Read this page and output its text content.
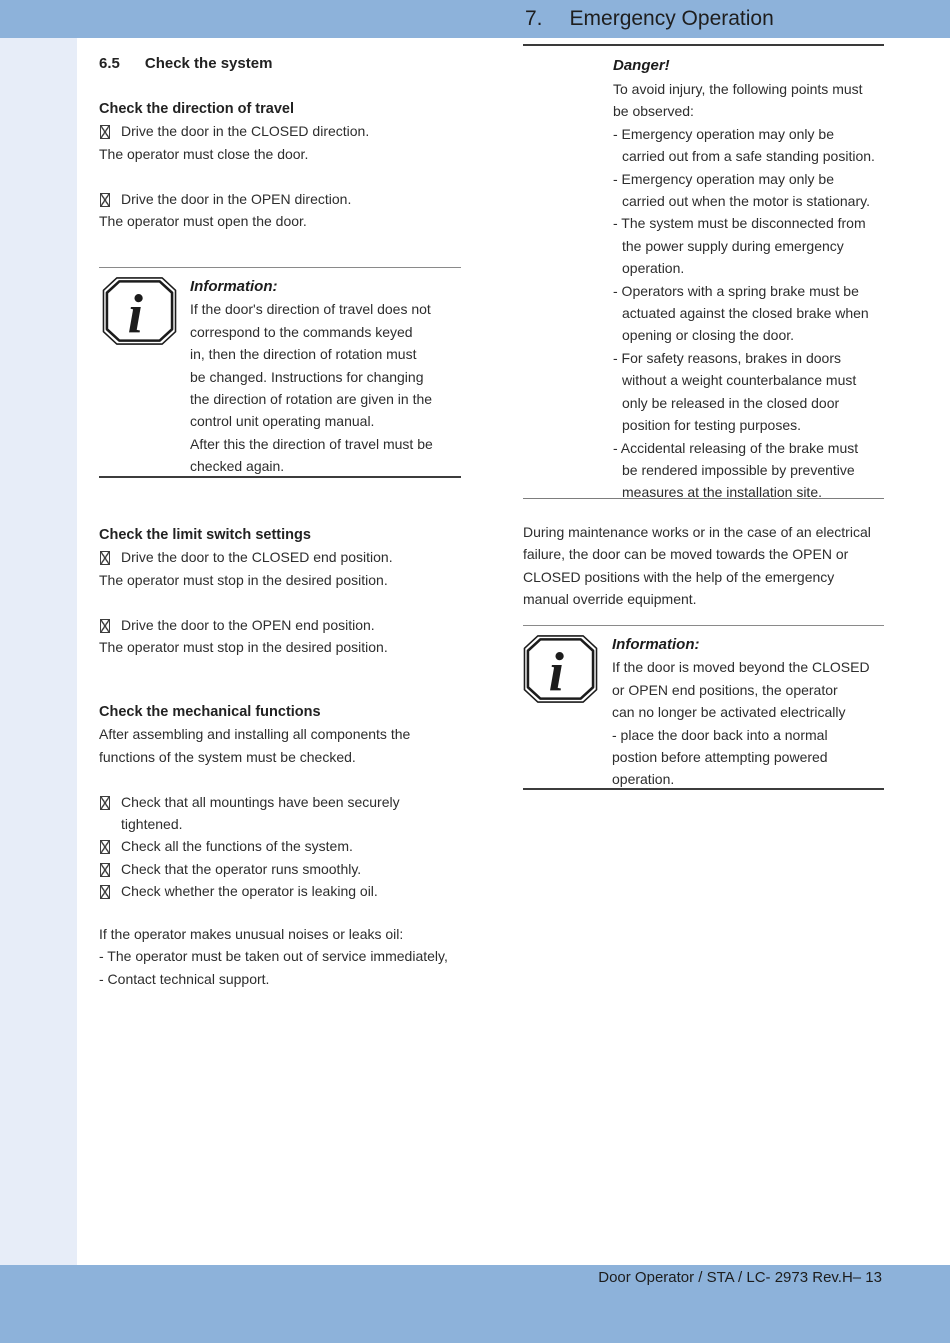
7. Emergency Operation
Door Operator / STA / LC- 2973 Rev.H– 13
6.5 Check the system
Check the direction of travel
Drive the door in the CLOSED direction.
The operator must close the door.
Drive the door in the OPEN direction.
The operator must open the door.
i	Information:
If the door's direction of travel does not
correspond to the commands keyed
in, then the direction of rotation must
be changed. Instructions for changing
the direction of rotation are given in the
control unit operating manual.
After this the direction of travel must be
checked again.
Check the limit switch settings
Drive the door to the CLOSED end position.
The operator must stop in the desired position.
Drive the door to the OPEN end position.
The operator must stop in the desired position.
Check the mechanical functions
After assembling and installing all components the
functions of the system must be checked.
Check that all mountings have been securely
tightened.
Check all the functions of the system.
Check that the operator runs smoothly.
Check whether the operator is leaking oil.
If the operator makes unusual noises or leaks oil:
- The operator must be taken out of service immediately,
- Contact technical support.
Danger!
To avoid injury, the following points must
be observed:
- Emergency operation may only be
carried out from a safe standing position.
- Emergency operation may only be
carried out when the motor is stationary.
- The system must be disconnected from
the power supply during emergency
operation.
- Operators with a spring brake must be
actuated against the closed brake when
opening or closing the door.
- For safety reasons, brakes in doors
without a weight counterbalance must
only be released in the closed door
position for testing purposes.
- Accidental releasing of the brake must
be rendered impossible by preventive
measures at the installation site.
During maintenance works or in the case of an electrical
failure, the door can be moved towards the OPEN or
CLOSED positions with the help of the emergency
manual override equipment.
i	Information:
If the door is moved beyond the CLOSED
or OPEN end positions, the operator
can no longer be activated electrically
- place the door back into a normal
postion before attempting powered
operation.
